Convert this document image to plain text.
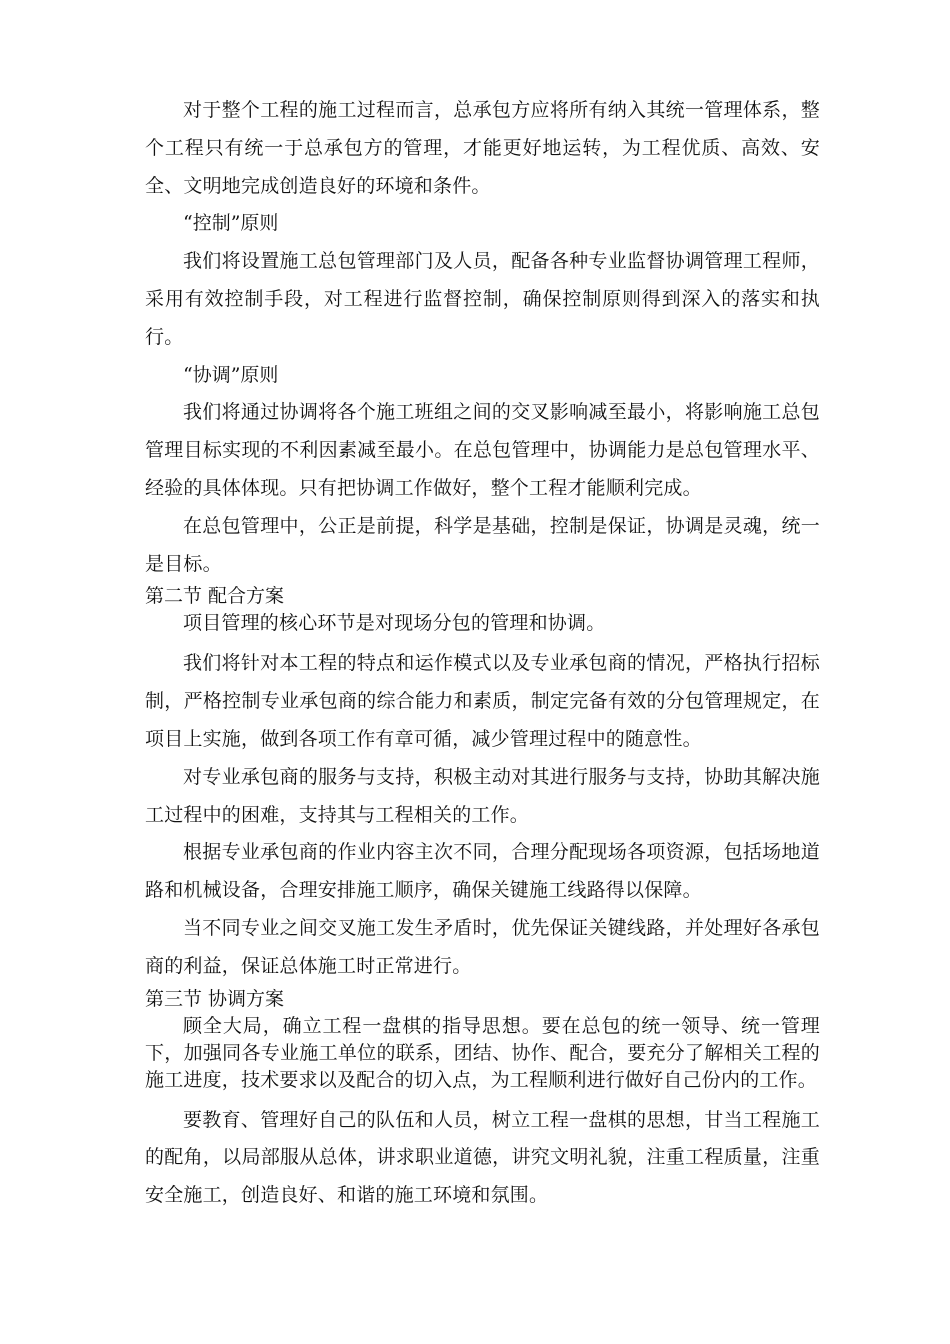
对于整个工程的施工过程而言，总承包方应将所有纳入其统一管理体系，整个工程只有统一于总承包方的管理，才能更好地运转，为工程优质、高效、安全、文明地完成创造良好的环境和条件。

“控制”原则

我们将设置施工总包管理部门及人员，配备各种专业监督协调管理工程师，采用有效控制手段，对工程进行监督控制，确保控制原则得到深入的落实和执行。

“协调”原则

我们将通过协调将各个施工班组之间的交叉影响减至最小，将影响施工总包管理目标实现的不利因素减至最小。在总包管理中，协调能力是总包管理水平、经验的具体体现。只有把协调工作做好，整个工程才能顺利完成。

在总包管理中，公正是前提，科学是基础，控制是保证，协调是灵魂，统一是目标。

第二节 配合方案

项目管理的核心环节是对现场分包的管理和协调。

我们将针对本工程的特点和运作模式以及专业承包商的情况，严格执行招标制，严格控制专业承包商的综合能力和素质，制定完备有效的分包管理规定，在项目上实施，做到各项工作有章可循，减少管理过程中的随意性。

对专业承包商的服务与支持，积极主动对其进行服务与支持，协助其解决施工过程中的困难，支持其与工程相关的工作。

根据专业承包商的作业内容主次不同，合理分配现场各项资源，包括场地道路和机械设备，合理安排施工顺序，确保关键施工线路得以保障。

当不同专业之间交叉施工发生矛盾时，优先保证关键线路，并处理好各承包商的利益，保证总体施工时正常进行。

第三节 协调方案

顾全大局，确立工程一盘棋的指导思想。要在总包的统一领导、统一管理下，加强同各专业施工单位的联系，团结、协作、配合，要充分了解相关工程的施工进度，技术要求以及配合的切入点，为工程顺利进行做好自己份内的工作。

要教育、管理好自己的队伍和人员，树立工程一盘棋的思想，甘当工程施工的配角，以局部服从总体，讲求职业道德，讲究文明礼貌，注重工程质量，注重安全施工，创造良好、和谐的施工环境和氛围。
